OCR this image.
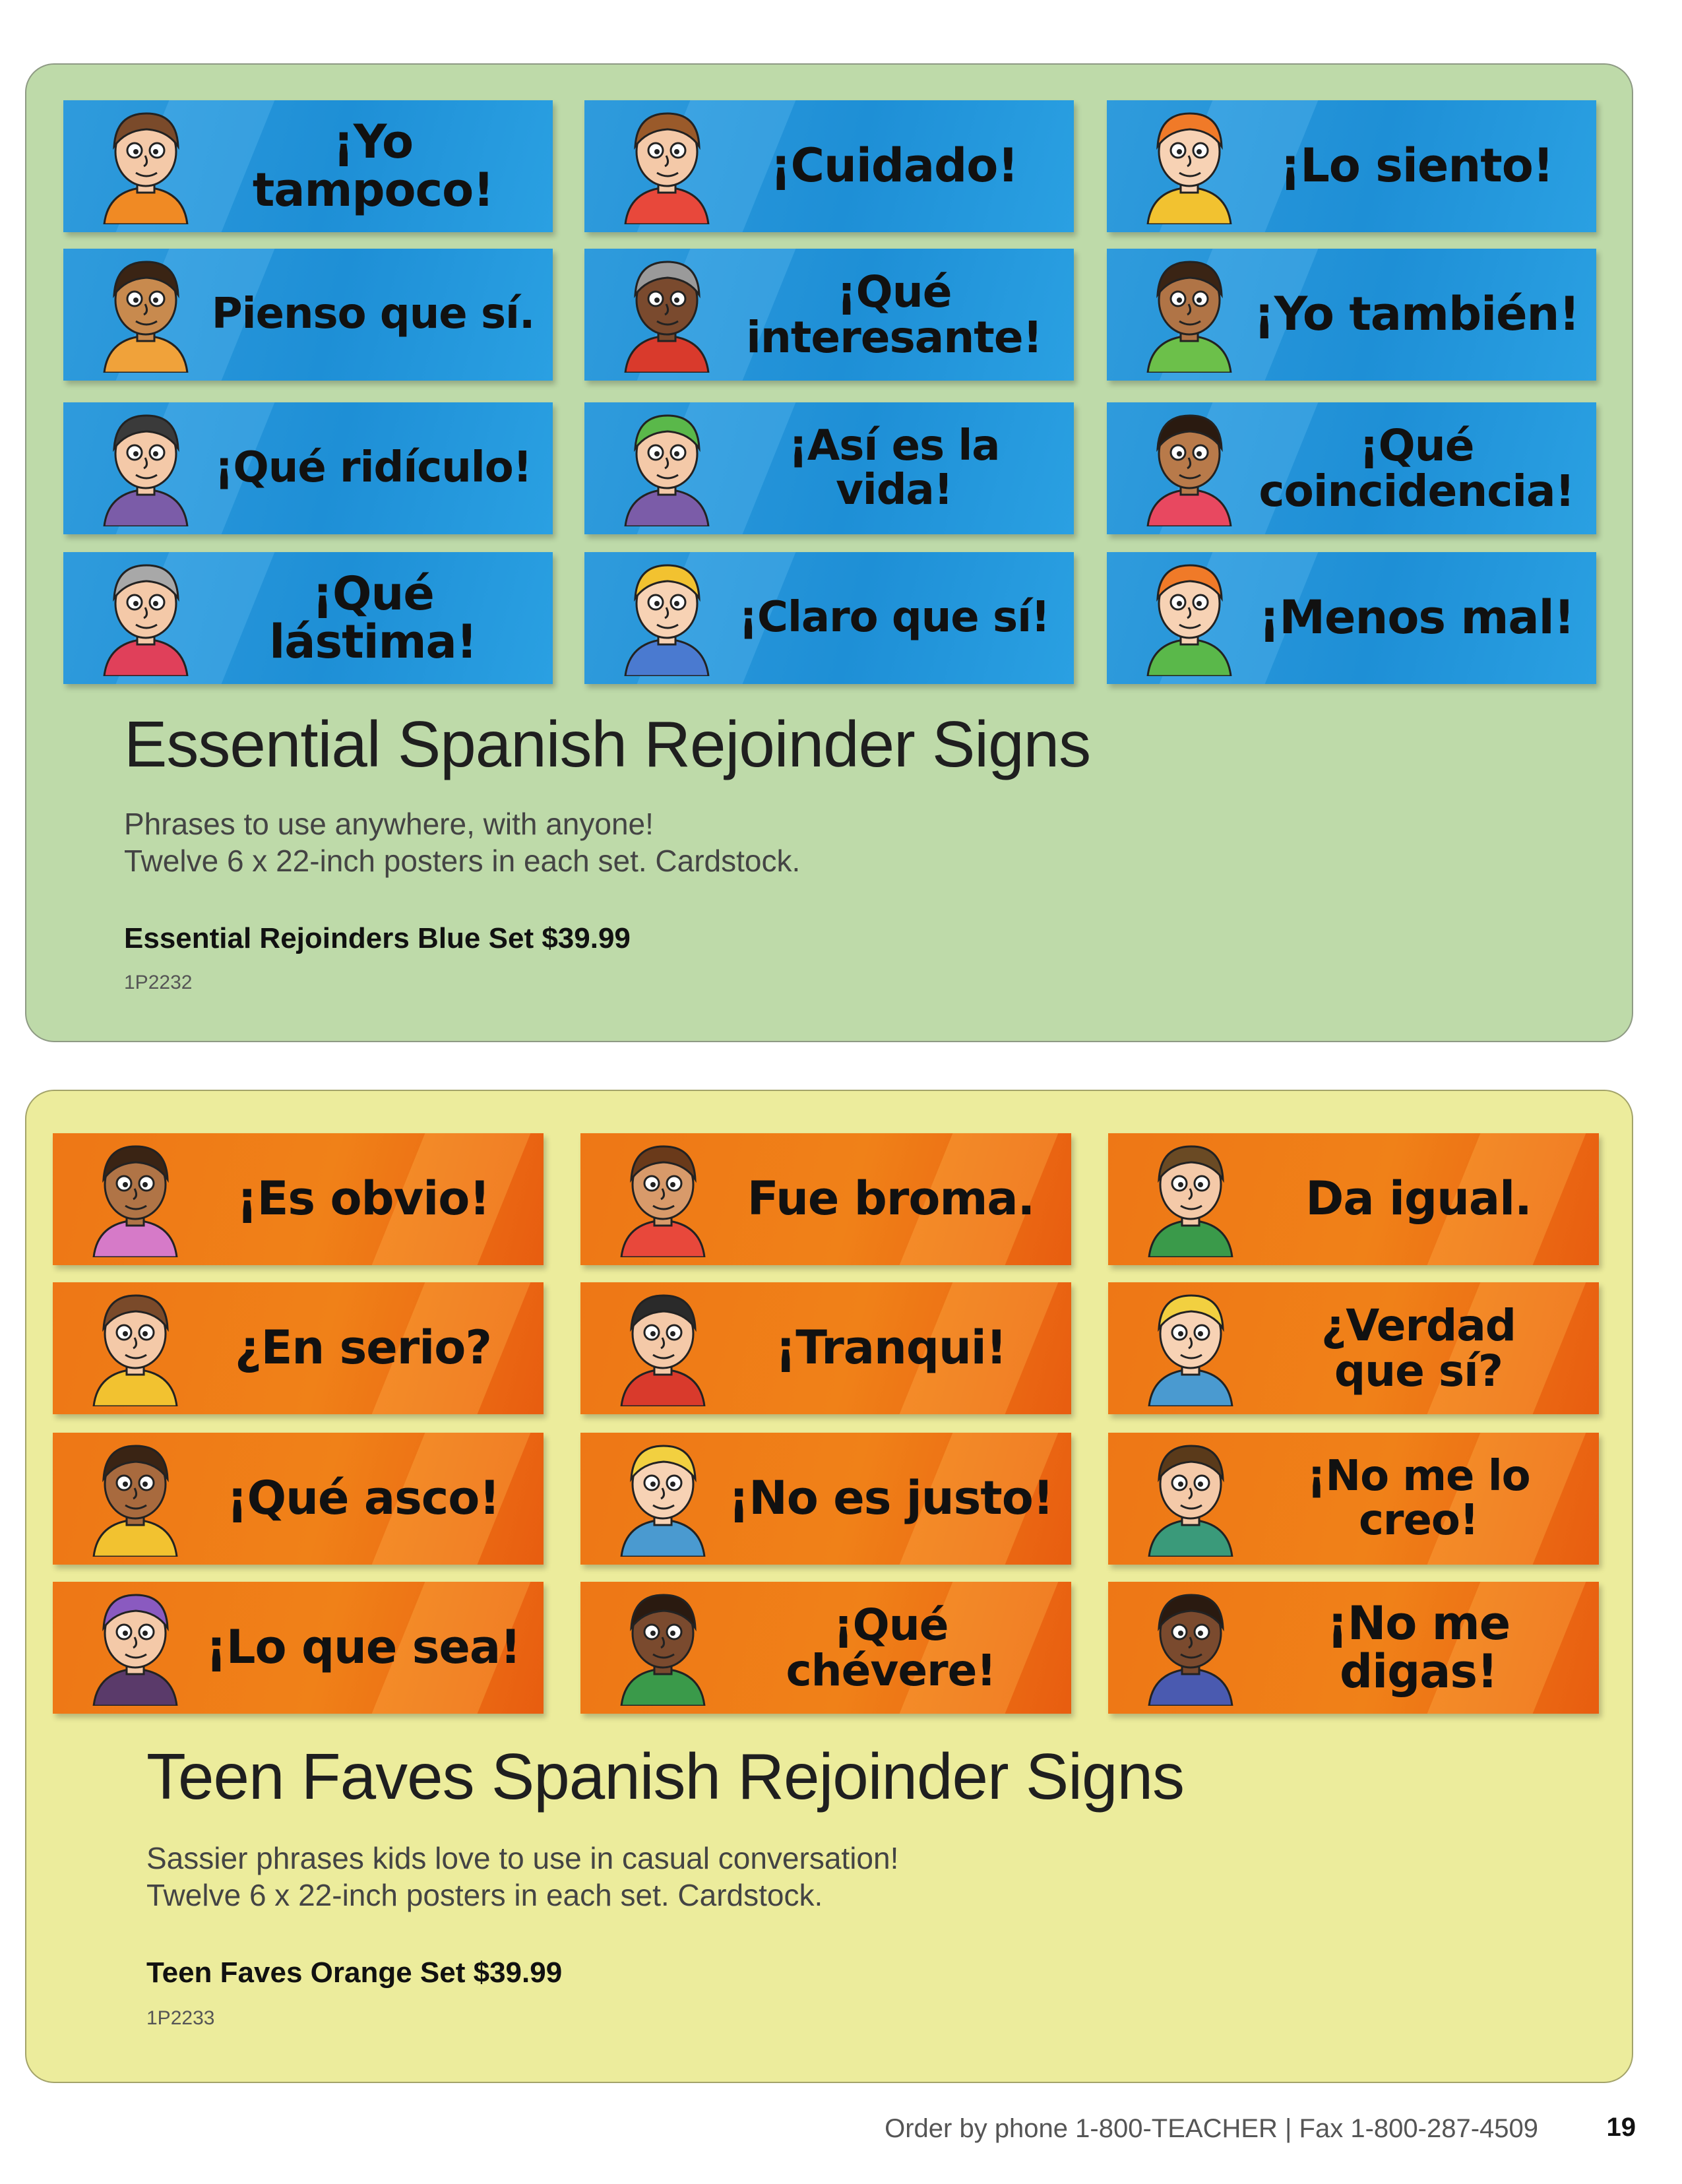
¡Yo tampoco!	¡Cuidado!	¡Lo siento!
Pienso que sí.	¡Qué
interesante!	¡Yo también!
¡Qué ridículo!	¡Así es la vida!
¡Qué
coincidencia!
¡Qué lástima!	¡Claro que sí!	¡Menos mal!
¡Es obvio!	Fue broma.	Da igual.
¿En serio?	¡Tranqui!	¿Verdad
que sí?
¡Qué asco!	¡No es justo!	¡No me lo creo!
¡Lo que sea!	¡Qué
chévere!
¡No me digas!
Essential Spanish Rejoinder Signs

Phrases to use anywhere, with anyone!

Twelve 6 x 22-inch posters in each set. Cardstock.

Essential Rejoinders Blue Set $39.99

1P2232

Teen Faves Spanish Rejoinder Signs

Sassier phrases kids love to use in casual conversation!

Twelve 6 x 22-inch posters in each set. Cardstock.

Teen Faves Orange Set $39.99

1P2233

Order by phone 1-800-TEACHER | Fax 1-800-287-4509	19
